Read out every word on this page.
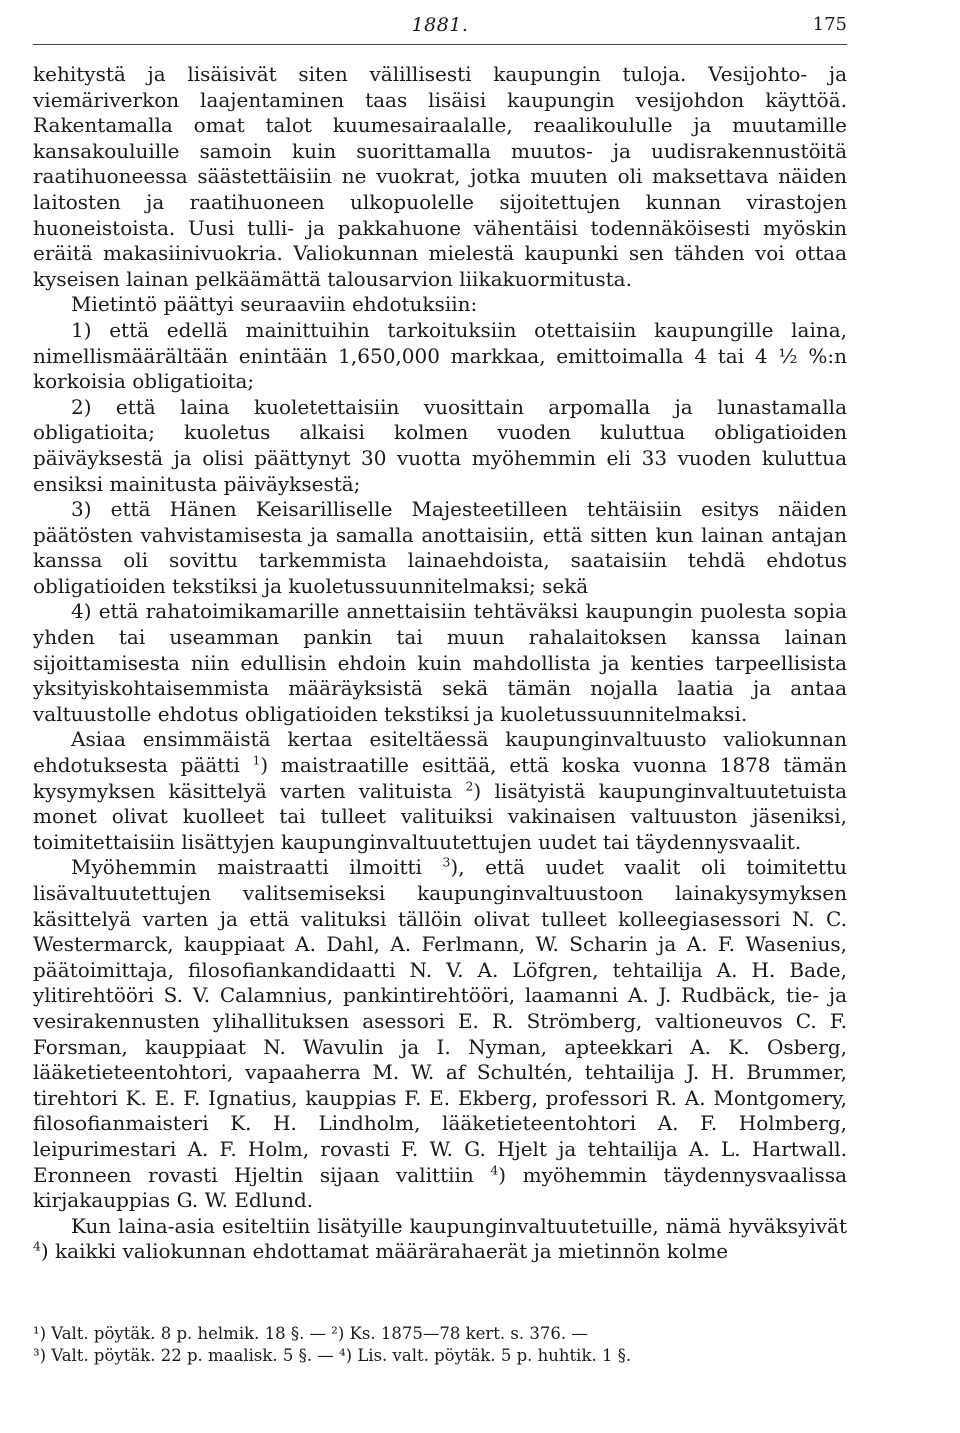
1881.	175

kehitystä ja lisäisivät siten välillisesti kaupungin tuloja. Vesijohto- ja viemäriverkon laajentaminen taas lisäisi kaupungin vesijohdon käyttöä. Rakentamalla omat talot kuumesairaalalle, reaalikoululle ja muutamille kansakouluille samoin kuin suorittamalla muutos- ja uudisrakennustöitä raatihuoneessa säästettäisiin ne vuokrat, jotka muuten oli maksettava näiden laitosten ja raatihuoneen ulkopuolelle sijoitettujen kunnan virastojen huoneistoista. Uusi tulli- ja pakkahuone vähentäisi todennäköisesti myöskin eräitä makasiinivuokria. Valiokunnan mielestä kaupunki sen tähden voi ottaa kyseisen lainan pelkäämättä talousarvion liikakuormitusta.

Mietintö päättyi seuraaviin ehdotuksiin:

1) että edellä mainittuihin tarkoituksiin otettaisiin kaupungille laina, nimellismäärältään enintään 1,650,000 markkaa, emittoimalla 4 tai 4 ½ %:n korkoisia obligatioita;

2) että laina kuoletettaisiin vuosittain arpomalla ja lunastamalla obligatioita; kuoletus alkaisi kolmen vuoden kuluttua obligatioiden päiväyksestä ja olisi päättynyt 30 vuotta myöhemmin eli 33 vuoden kuluttua ensiksi mainitusta päiväyksestä;

3) että Hänen Keisarilliselle Majesteetilleen tehtäisiin esitys näiden päätösten vahvistamisesta ja samalla anottaisiin, että sitten kun lainan antajan kanssa oli sovittu tarkemmista lainaehdoista, saataisiin tehdä ehdotus obligatioiden tekstiksi ja kuoletussuunnitelmaksi; sekä

4) että rahatoimikamarille annettaisiin tehtäväksi kaupungin puolesta sopia yhden tai useamman pankin tai muun rahalaitoksen kanssa lainan sijoittamisesta niin edullisin ehdoin kuin mahdollista ja kenties tarpeellisista yksityiskohtaisemmista määräyksistä sekä tämän nojalla laatia ja antaa valtuustolle ehdotus obligatioiden tekstiksi ja kuoletussuunnitelmaksi.

Asiaa ensimmäistä kertaa esiteltäessä kaupunginvaltuusto valiokunnan ehdotuksesta päätti $^1$) maistraatille esittää, että koska vuonna 1878 tämän kysymyksen käsittelyä varten valituista $^2$) lisätyistä kaupunginvaltuutetuista monet olivat kuolleet tai tulleet valituiksi vakinaisen valtuuston jäseniksi, toimitettaisiin lisättyjen kaupunginvaltuutettujen uudet tai täydennysvaalit.

Myöhemmin maistraatti ilmoitti $^3$), että uudet vaalit oli toimitettu lisävaltuutettujen valitsemiseksi kaupunginvaltuustoon lainakysymyksen käsittelyä varten ja että valituksi tällöin olivat tulleet kolleegiasessori N. C. Westermarck, kauppiaat A. Dahl, A. Ferlmann, W. Scharin ja A. F. Wasenius, päätoimittaja, filosofiankandidaatti N. V. A. Löfgren, tehtailija A. H. Bade, ylitirehtööri S. V. Calamnius, pankintirehtööri, laamanni A. J. Rudbäck, tie- ja vesirakennusten ylihallituksen asessori E. R. Strömberg, valtioneuvos C. F. Forsman, kauppiaat N. Wavulin ja I. Nyman, apteekkari A. K. Osberg, lääketieteentohtori, vapaaherra M. W. af Schultén, tehtailija J. H. Brummer, tirehtori K. E. F. Ignatius, kauppias F. E. Ekberg, professori R. A. Montgomery, filosofianmaisteri K. H. Lindholm, lääketieteentohtori A. F. Holmberg, leipurimestari A. F. Holm, rovasti F. W. G. Hjelt ja tehtailija A. L. Hartwall. Eronneen rovasti Hjeltin sijaan valittiin $^4$) myöhemmin täydennysvaalissa kirjakauppias G. W. Edlund.

Kun laina-asia esiteltiin lisätyille kaupunginvaltuutetuille, nämä hyväksyivät $^4$) kaikki valiokunnan ehdottamat määrärahaerät ja mietinnön kolme

¹) Valt. pöytäk. 8 p. helmik. 18 §. — ²) Ks. 1875—78 kert. s. 376. —

³) Valt. pöytäk. 22 p. maalisk. 5 §. — ⁴) Lis. valt. pöytäk. 5 p. huhtik. 1 §.
